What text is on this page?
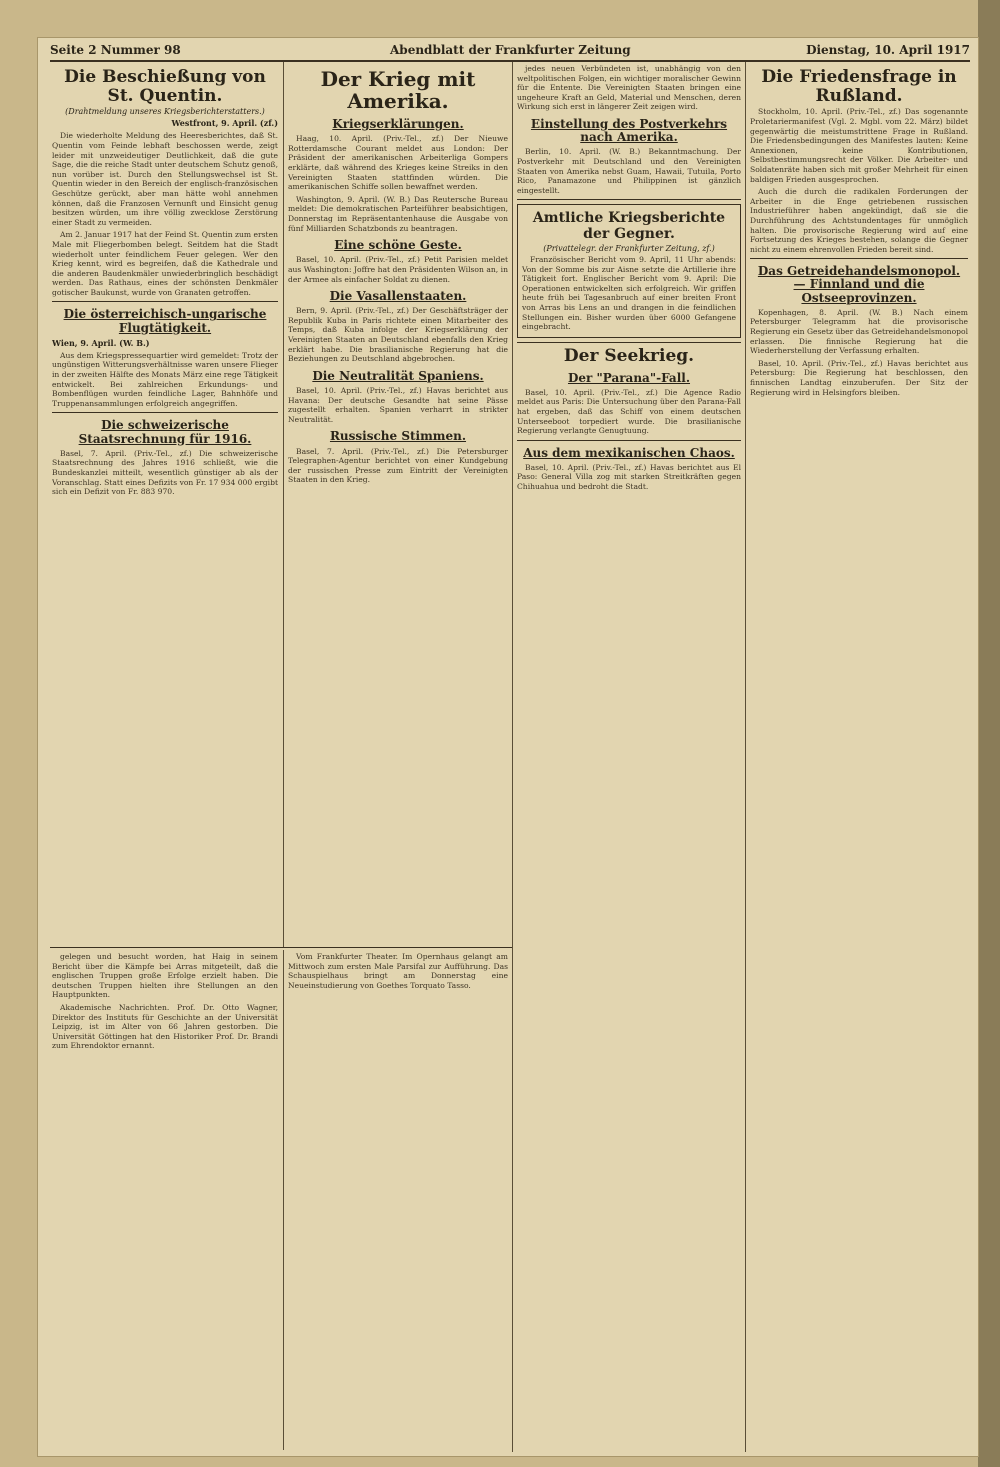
Seite 2 Nummer 98	Abendblatt der Frankfurter Zeitung	Dienstag, 10. April 1917
Die Beschießung von St. Quentin.
(Drahtmeldung unseres Kriegsberichterstatters.)
Westfront, 9. April. (zf.)

Die wiederholte Meldung des Heeresberichtes, daß St. Quentin vom Feinde lebhaft beschossen werde, zeigt leider mit unzweideutiger Deutlichkeit, daß die gute Sage, die die reiche Stadt unter deutschem Schutz genoß, nun vorüber ist. Durch den Stellungswechsel ist St. Quentin wieder in den Bereich der englisch-französischen Geschütze gerückt, aber man hätte wohl annehmen können, daß die Franzosen Vernunft und Einsicht genug besitzen würden, um ihre völlig zwecklose Zerstörung einer Stadt zu vermeiden.

Am 2. Januar 1917 hat der Feind St. Quentin zum ersten Male mit Fliegerbomben belegt. Seitdem hat die Stadt wiederholt unter feindlichem Feuer gelegen. Wer den Krieg kennt, wird es begreifen, daß die Kathedrale und die anderen Baudenkmäler unwiederbringlich beschädigt werden. Das Rathaus, eines der schönsten Denkmäler gotischer Baukunst, wurde von Granaten getroffen.

Die österreichisch-ungarische Flugtätigkeit.
Wien, 9. April. (W. B.)

Aus dem Kriegspressequartier wird gemeldet: Trotz der ungünstigen Witterungsverhältnisse waren unsere Flieger in der zweiten Hälfte des Monats März eine rege Tätigkeit entwickelt. Bei zahlreichen Erkundungs- und Bombenflügen wurden feindliche Lager, Bahnhöfe und Truppenansammlungen erfolgreich angegriffen.

Die schweizerische Staatsrechnung für 1916.

Basel, 7. April. (Priv.-Tel., zf.) Die schweizerische Staatsrechnung des Jahres 1916 schließt, wie die Bundeskanzlei mitteilt, wesentlich günstiger ab als der Voranschlag. Statt eines Defizits von Fr. 17 934 000 ergibt sich ein Defizit von Fr. 883 970.

Der Krieg mit Amerika.
Kriegserklärungen.

Haag, 10. April. (Priv.-Tel., zf.) Der Nieuwe Rotterdamsche Courant meldet aus London: Der Präsident der amerikanischen Arbeiterliga Gompers erklärte, daß während des Krieges keine Streiks in den Vereinigten Staaten stattfinden würden. Die amerikanischen Schiffe sollen bewaffnet werden.

Washington, 9. April. (W. B.) Das Reutersche Bureau meldet: Die demokratischen Parteiführer beabsichtigen, Donnerstag im Repräsentantenhause die Ausgabe von fünf Milliarden Schatzbonds zu beantragen.

Eine schöne Geste.

Basel, 10. April. (Priv.-Tel., zf.) Petit Parisien meldet aus Washington: Joffre hat den Präsidenten Wilson an, in der Armee als einfacher Soldat zu dienen.

Die Vasallenstaaten.

Bern, 9. April. (Priv.-Tel., zf.) Der Geschäftsträger der Republik Kuba in Paris richtete einen Mitarbeiter des Temps, daß Kuba infolge der Kriegserklärung der Vereinigten Staaten an Deutschland ebenfalls den Krieg erklärt habe. Die brasilianische Regierung hat die Beziehungen zu Deutschland abgebrochen.

Die Neutralität Spaniens.

Basel, 10. April. (Priv.-Tel., zf.) Havas berichtet aus Havana: Der deutsche Gesandte hat seine Pässe zugestellt erhalten. Spanien verharrt in strikter Neutralität.

Russische Stimmen.

Basel, 7. April. (Priv.-Tel., zf.) Die Petersburger Telegraphen-Agentur berichtet von einer Kundgebung der russischen Presse zum Eintritt der Vereinigten Staaten in den Krieg.

jedes neuen Verbündeten ist, unabhängig von den weltpolitischen Folgen, ein wichtiger moralischer Gewinn für die Entente. Die Vereinigten Staaten bringen eine ungeheure Kraft an Geld, Material und Menschen, deren Wirkung sich erst in längerer Zeit zeigen wird.

Einstellung des Postverkehrs nach Amerika.

Berlin, 10. April. (W. B.) Bekanntmachung. Der Postverkehr mit Deutschland und den Vereinigten Staaten von Amerika nebst Guam, Hawaii, Tutuila, Porto Rico, Panamazone und Philippinen ist gänzlich eingestellt.

Amtliche Kriegsberichte der Gegner.
(Privattelegr. der Frankfurter Zeitung, zf.)

Französischer Bericht vom 9. April, 11 Uhr abends: Von der Somme bis zur Aisne setzte die Artillerie ihre Tätigkeit fort. Englischer Bericht vom 9. April: Die Operationen entwickelten sich erfolgreich. Wir griffen heute früh bei Tagesanbruch auf einer breiten Front von Arras bis Lens an und drangen in die feindlichen Stellungen ein. Bisher wurden über 6000 Gefangene eingebracht.

Der Seekrieg.
Der "Parana"-Fall.

Basel, 10. April. (Priv.-Tel., zf.) Die Agence Radio meldet aus Paris: Die Untersuchung über den Parana-Fall hat ergeben, daß das Schiff von einem deutschen Unterseeboot torpediert wurde. Die brasilianische Regierung verlangte Genugtuung.

Aus dem mexikanischen Chaos.

Basel, 10. April. (Priv.-Tel., zf.) Havas berichtet aus El Paso: General Villa zog mit starken Streitkräften gegen Chihuahua und bedroht die Stadt.

Die Friedensfrage in Rußland.

Stockholm, 10. April. (Priv.-Tel., zf.) Das sogenannte Proletariermanifest (Vgl. 2. Mgbl. vom 22. März) bildet gegenwärtig die meistumstrittene Frage in Rußland. Die Friedensbedingungen des Manifestes lauten: Keine Annexionen, keine Kontributionen, Selbstbestimmungsrecht der Völker. Die Arbeiter- und Soldatenräte haben sich mit großer Mehrheit für einen baldigen Frieden ausgesprochen.

Auch die durch die radikalen Forderungen der Arbeiter in die Enge getriebenen russischen Industrieführer haben angekündigt, daß sie die Durchführung des Achtstundentages für unmöglich halten. Die provisorische Regierung wird auf eine Fortsetzung des Krieges bestehen, solange die Gegner nicht zu einem ehrenvollen Frieden bereit sind.

Das Getreidehandelsmonopol. — Finnland und die Ostseeprovinzen.

Kopenhagen, 8. April. (W. B.) Nach einem Petersburger Telegramm hat die provisorische Regierung ein Gesetz über das Getreidehandelsmonopol erlassen. Die finnische Regierung hat die Wiederherstellung der Verfassung erhalten.

Basel, 10. April. (Priv.-Tel., zf.) Havas berichtet aus Petersburg: Die Regierung hat beschlossen, den finnischen Landtag einzuberufen. Der Sitz der Regierung wird in Helsingfors bleiben.

gelegen und besucht worden, hat Haig in seinem Bericht über die Kämpfe bei Arras mitgeteilt, daß die englischen Truppen große Erfolge erzielt haben. Die deutschen Truppen hielten ihre Stellungen an den Hauptpunkten.

Akademische Nachrichten. Prof. Dr. Otto Wagner, Direktor des Instituts für Geschichte an der Universität Leipzig, ist im Alter von 66 Jahren gestorben. Die Universität Göttingen hat den Historiker Prof. Dr. Brandi zum Ehrendoktor ernannt.

Vom Frankfurter Theater. Im Opernhaus gelangt am Mittwoch zum ersten Male Parsifal zur Aufführung. Das Schauspielhaus bringt am Donnerstag eine Neueinstudierung von Goethes Torquato Tasso.
